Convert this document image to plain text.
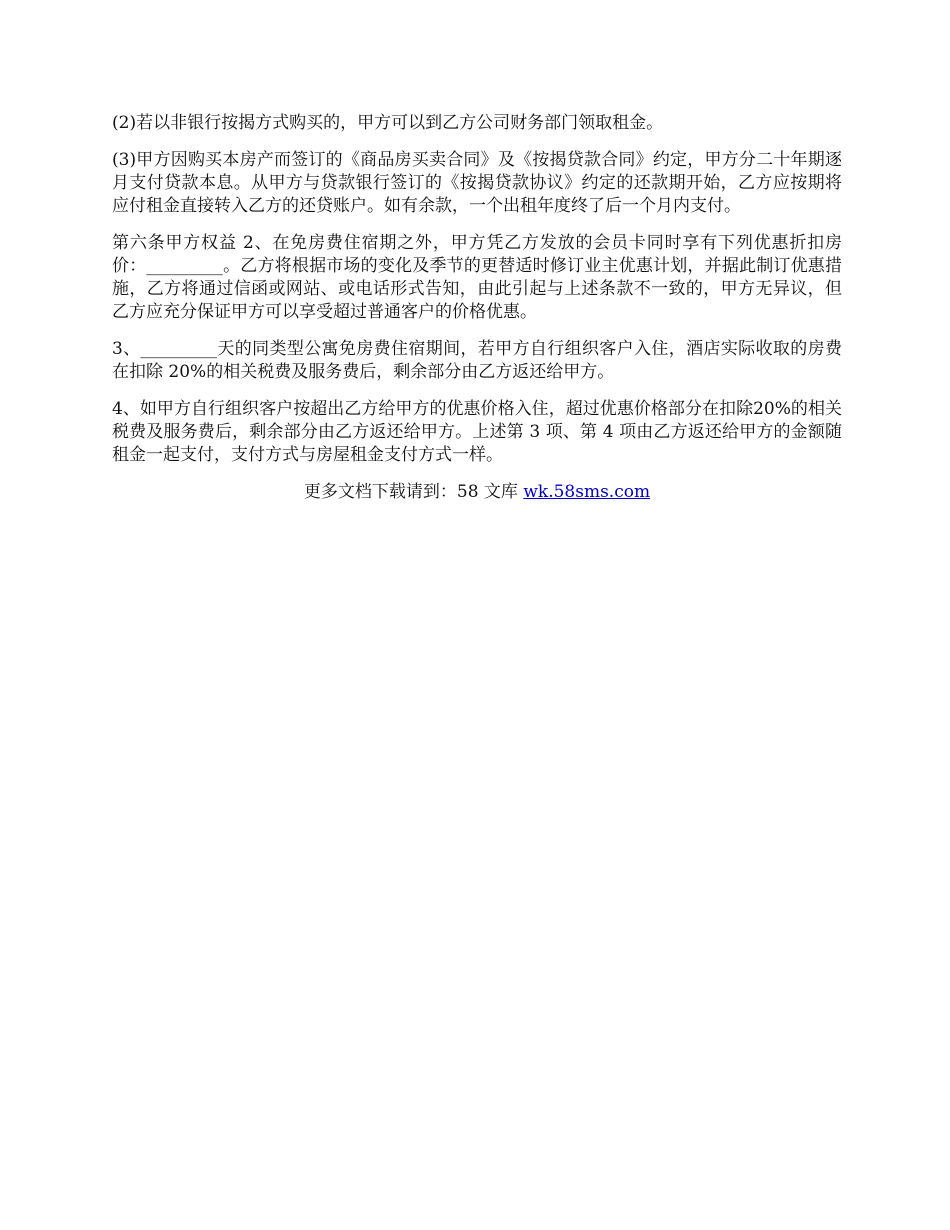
(2)若以非银行按揭方式购买的，甲方可以到乙方公司财务部门领取租金。

(3)甲方因购买本房产而签订的《商品房买卖合同》及《按揭贷款合同》约定，甲方分二十年期逐月支付贷款本息。从甲方与贷款银行签订的《按揭贷款协议》约定的还款期开始，乙方应按期将应付租金直接转入乙方的还贷账户。如有余款，一个出租年度终了后一个月内支付。

第六条甲方权益 2、在免房费住宿期之外，甲方凭乙方发放的会员卡同时享有下列优惠折扣房价：_________。乙方将根据市场的变化及季节的更替适时修订业主优惠计划，并据此制订优惠措施，乙方将通过信函或网站、或电话形式告知，由此引起与上述条款不一致的，甲方无异议，但乙方应充分保证甲方可以享受超过普通客户的价格优惠。

3、_________天的同类型公寓免房费住宿期间，若甲方自行组织客户入住，酒店实际收取的房费在扣除 20%的相关税费及服务费后，剩余部分由乙方返还给甲方。

4、如甲方自行组织客户按超出乙方给甲方的优惠价格入住，超过优惠价格部分在扣除20%的相关税费及服务费后，剩余部分由乙方返还给甲方。上述第 3 项、第 4 项由乙方返还给甲方的金额随租金一起支付，支付方式与房屋租金支付方式一样。

更多文档下载请到：58 文库 wk.58sms.com
